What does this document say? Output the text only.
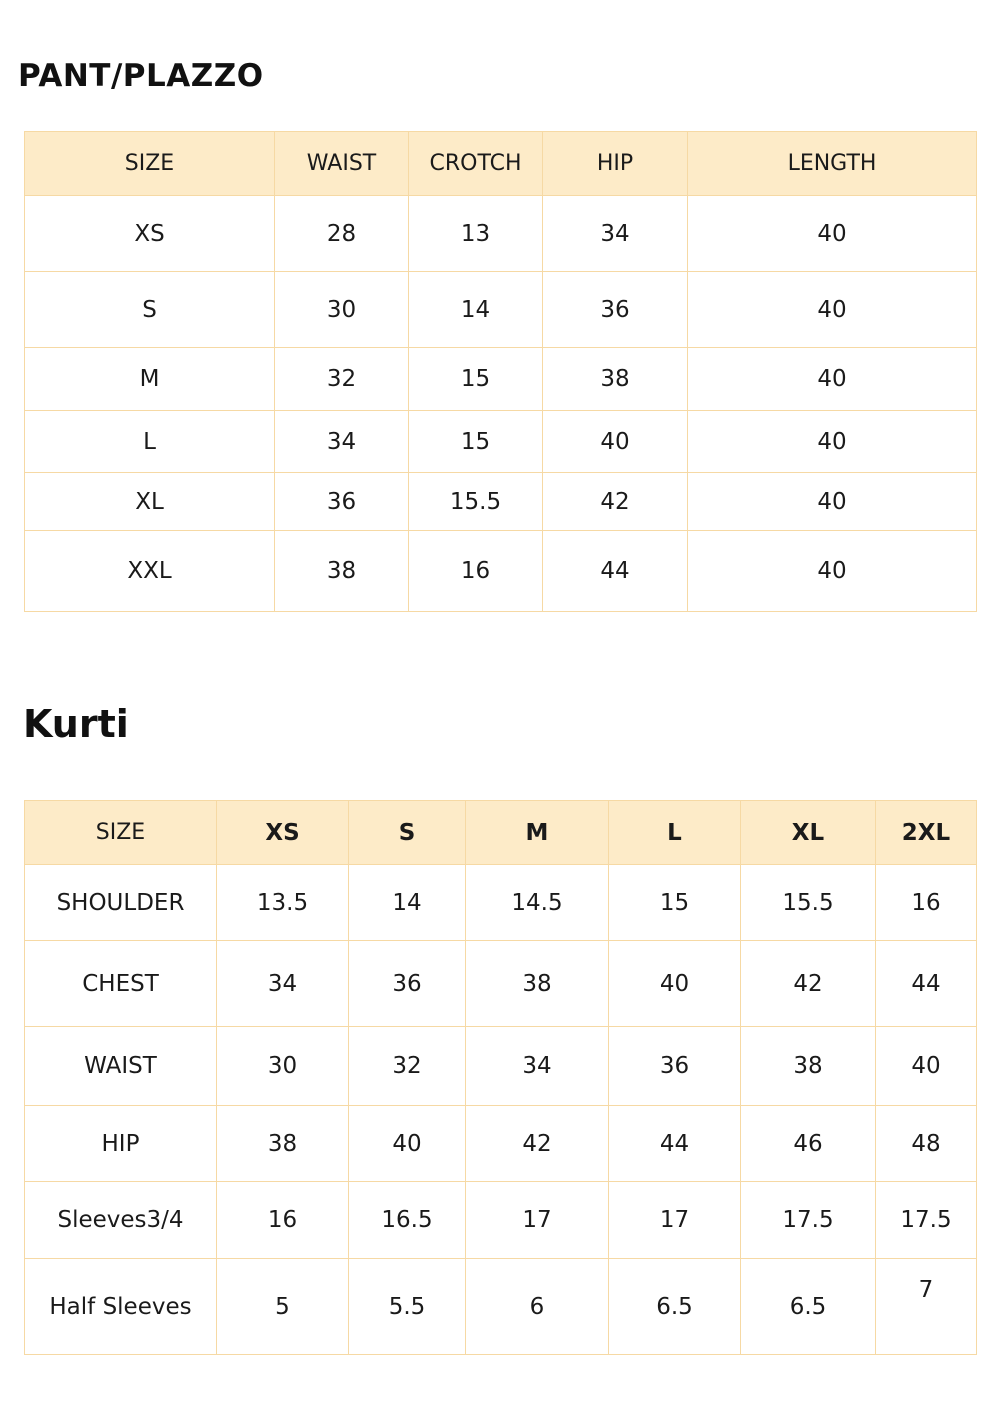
PANT/PLAZZO
SIZE	WAIST	CROTCH	HIP	LENGTH
XS	28	13	34	40
S	30	14	36	40
M	32	15	38	40
L	34	15	40	40
XL	36	15.5	42	40
XXL	38	16	44	40
Kurti
SIZE	XS	S	M	L	XL	2XL
SHOULDER	13.5	14	14.5	15	15.5	16
CHEST	34	36	38	40	42	44
WAIST	30	32	34	36	38	40
HIP	38	40	42	44	46	48
Sleeves3/4	16	16.5	17	17	17.5	17.5
Half Sleeves	5	5.5	6	6.5	6.5	7
